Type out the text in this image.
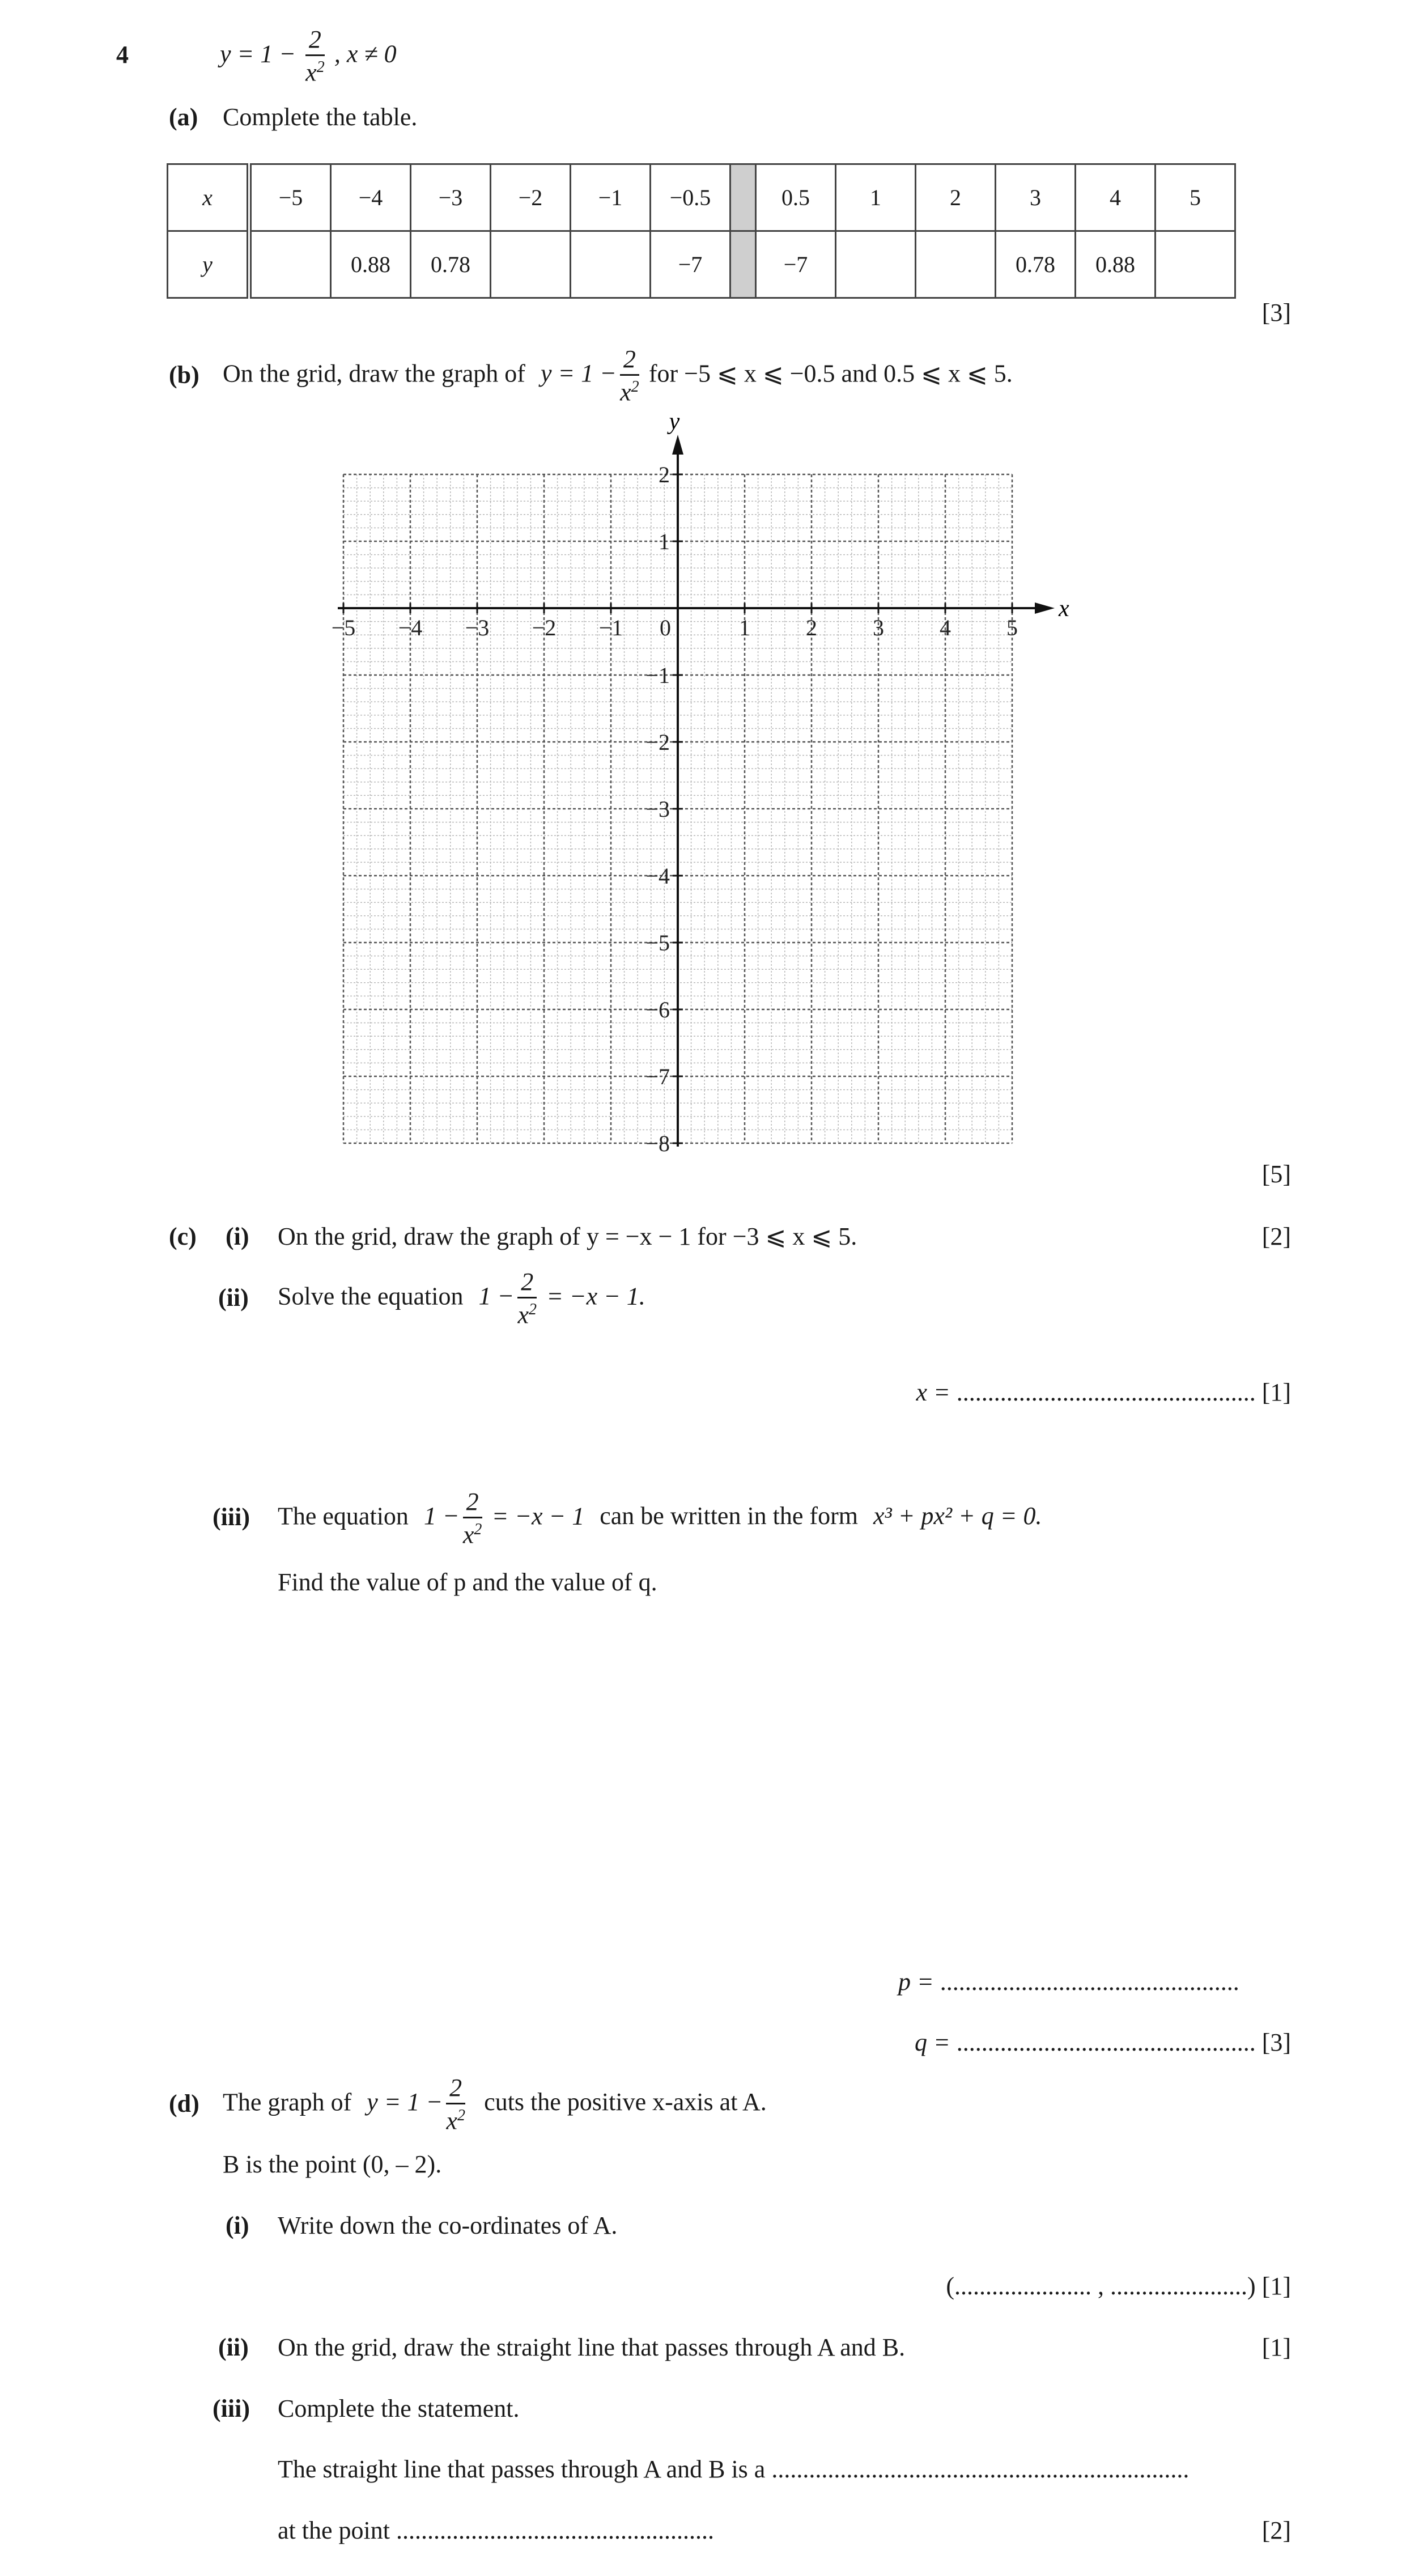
4	$y = 1 - \frac{2}{x^2}$ , x ≠ 0
(a) Complete the table.
x	−5	−4	−3	−2	−1	−0.5		0.5	1	2	3	4	5
y		0.88	0.78			−7		−7			0.78	0.88	
[3]
(b) On the grid, draw the graph of $y = 1 - \frac{2}{x^2}$ for −5 ⩽ x ⩽ −0.5 and 0.5 ⩽ x ⩽ 5.
x
y
−5 −4 −3 −2 −1 0	1 2 3 4 5
2
1
−1
−2
−3
−4
−5
−6
−7
−8
[5]
(c) (i) On the grid, draw the graph of y = −x − 1 for −3 ⩽ x ⩽ 5.	[2]
(ii) Solve the equation $1 - \frac{2}{x^2} = -x - 1$.
x = ................................................ [1]
(iii) The equation $1 - \frac{2}{x^2} = -x - 1$ can be written in the form x³ + px² + q = 0.
Find the value of p and the value of q.
p = ................................................
q = ................................................ [3]
(d) The graph of $y = 1 - \frac{2}{x^2}$ cuts the positive x-axis at A.
B is the point (0, – 2).
(i) Write down the co-ordinates of A.
(...................... , ......................) [1]
(ii) On the grid, draw the straight line that passes through A and B.	[1]
(iii) Complete the statement.
The straight line that passes through A and B is a ...................................................................
at the point ...................................................	[2]
